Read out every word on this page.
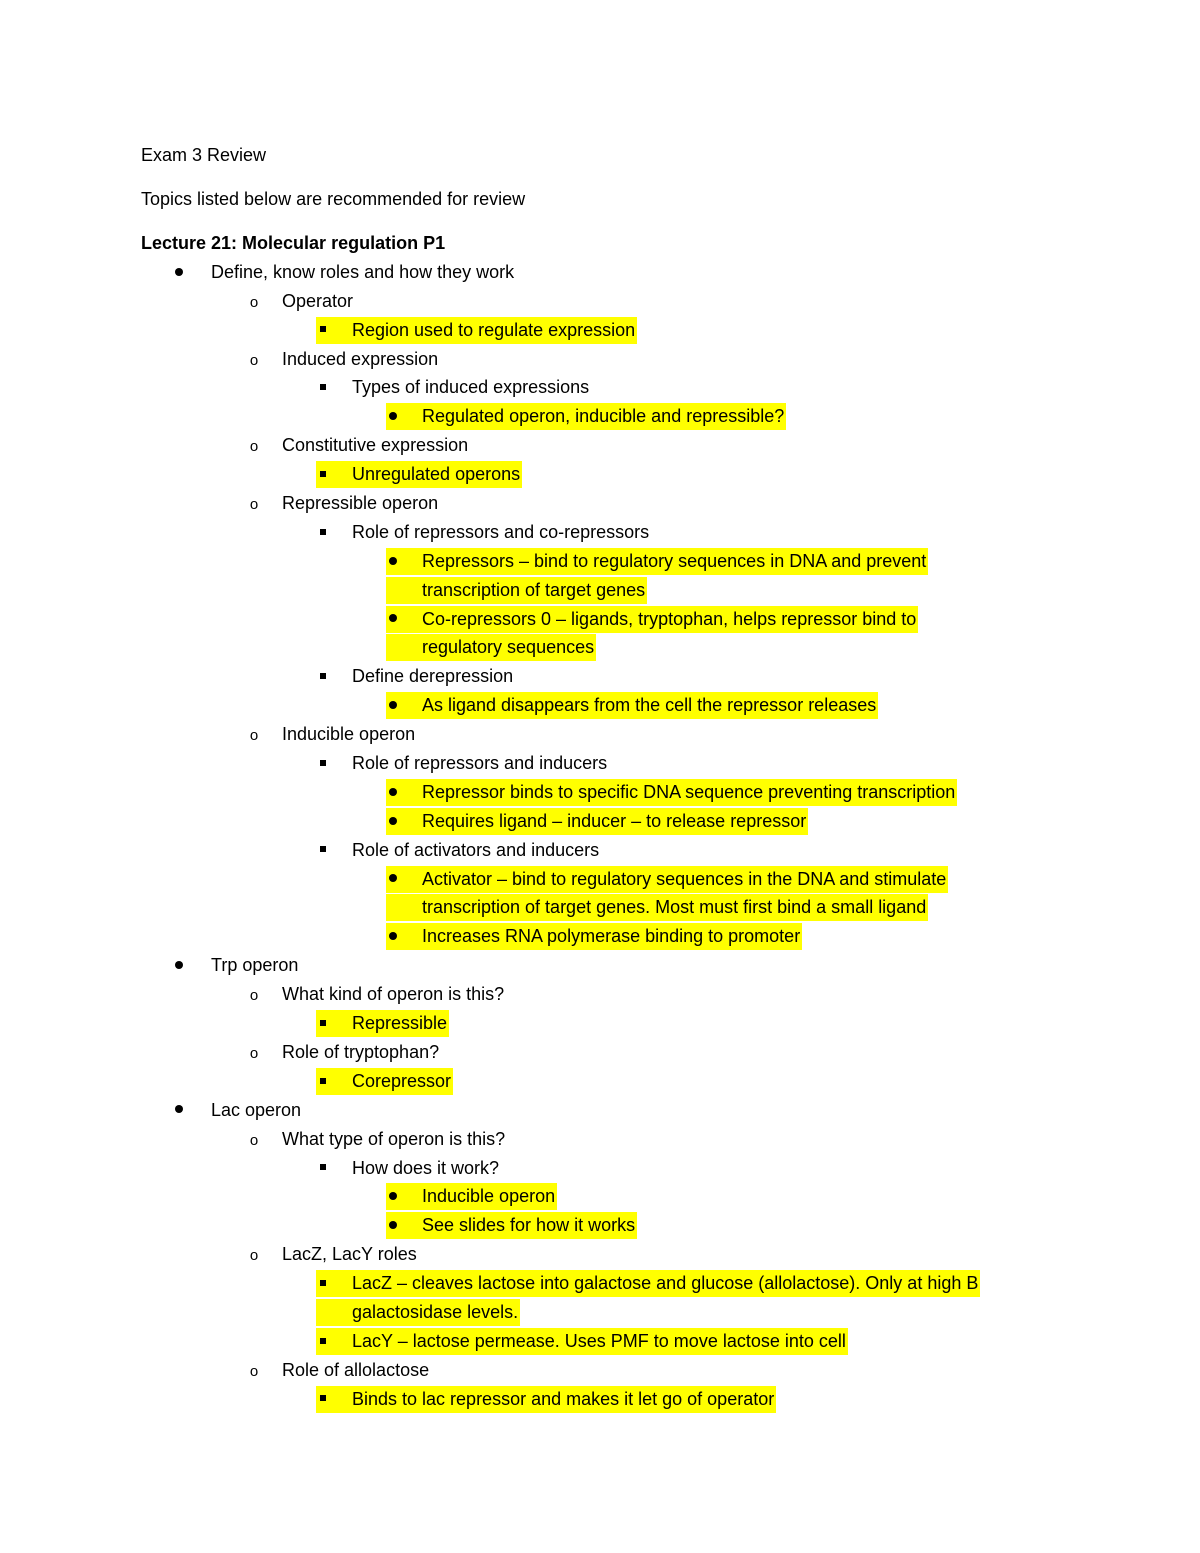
Exam 3 Review
Topics listed below are recommended for review
Lecture 21: Molecular regulation P1
Define, know roles and how they work
o
Operator
Region used to regulate expression
o
Induced expression
Types of induced expressions
Regulated operon, inducible and repressible?
o
Constitutive expression
Unregulated operons
o
Repressible operon
Role of repressors and co-repressors
Repressors – bind to regulatory sequences in DNA and prevent
transcription of target genes
Co-repressors 0 – ligands, tryptophan, helps repressor bind to
regulatory sequences
Define derepression
As ligand disappears from the cell the repressor releases
o
Inducible operon
Role of repressors and inducers
Repressor binds to specific DNA sequence preventing transcription
Requires ligand – inducer – to release repressor
Role of activators and inducers
Activator – bind to regulatory sequences in the DNA and stimulate
transcription of target genes. Most must first bind a small ligand
Increases RNA polymerase binding to promoter
Trp operon
o
What kind of operon is this?
Repressible
o
Role of tryptophan?
Corepressor
Lac operon
o
What type of operon is this?
How does it work?
Inducible operon
See slides for how it works
o
LacZ, LacY roles
LacZ – cleaves lactose into galactose and glucose (allolactose). Only at high B
galactosidase levels.
LacY – lactose permease. Uses PMF to move lactose into cell
o
Role of allolactose
Binds to lac repressor and makes it let go of operator
